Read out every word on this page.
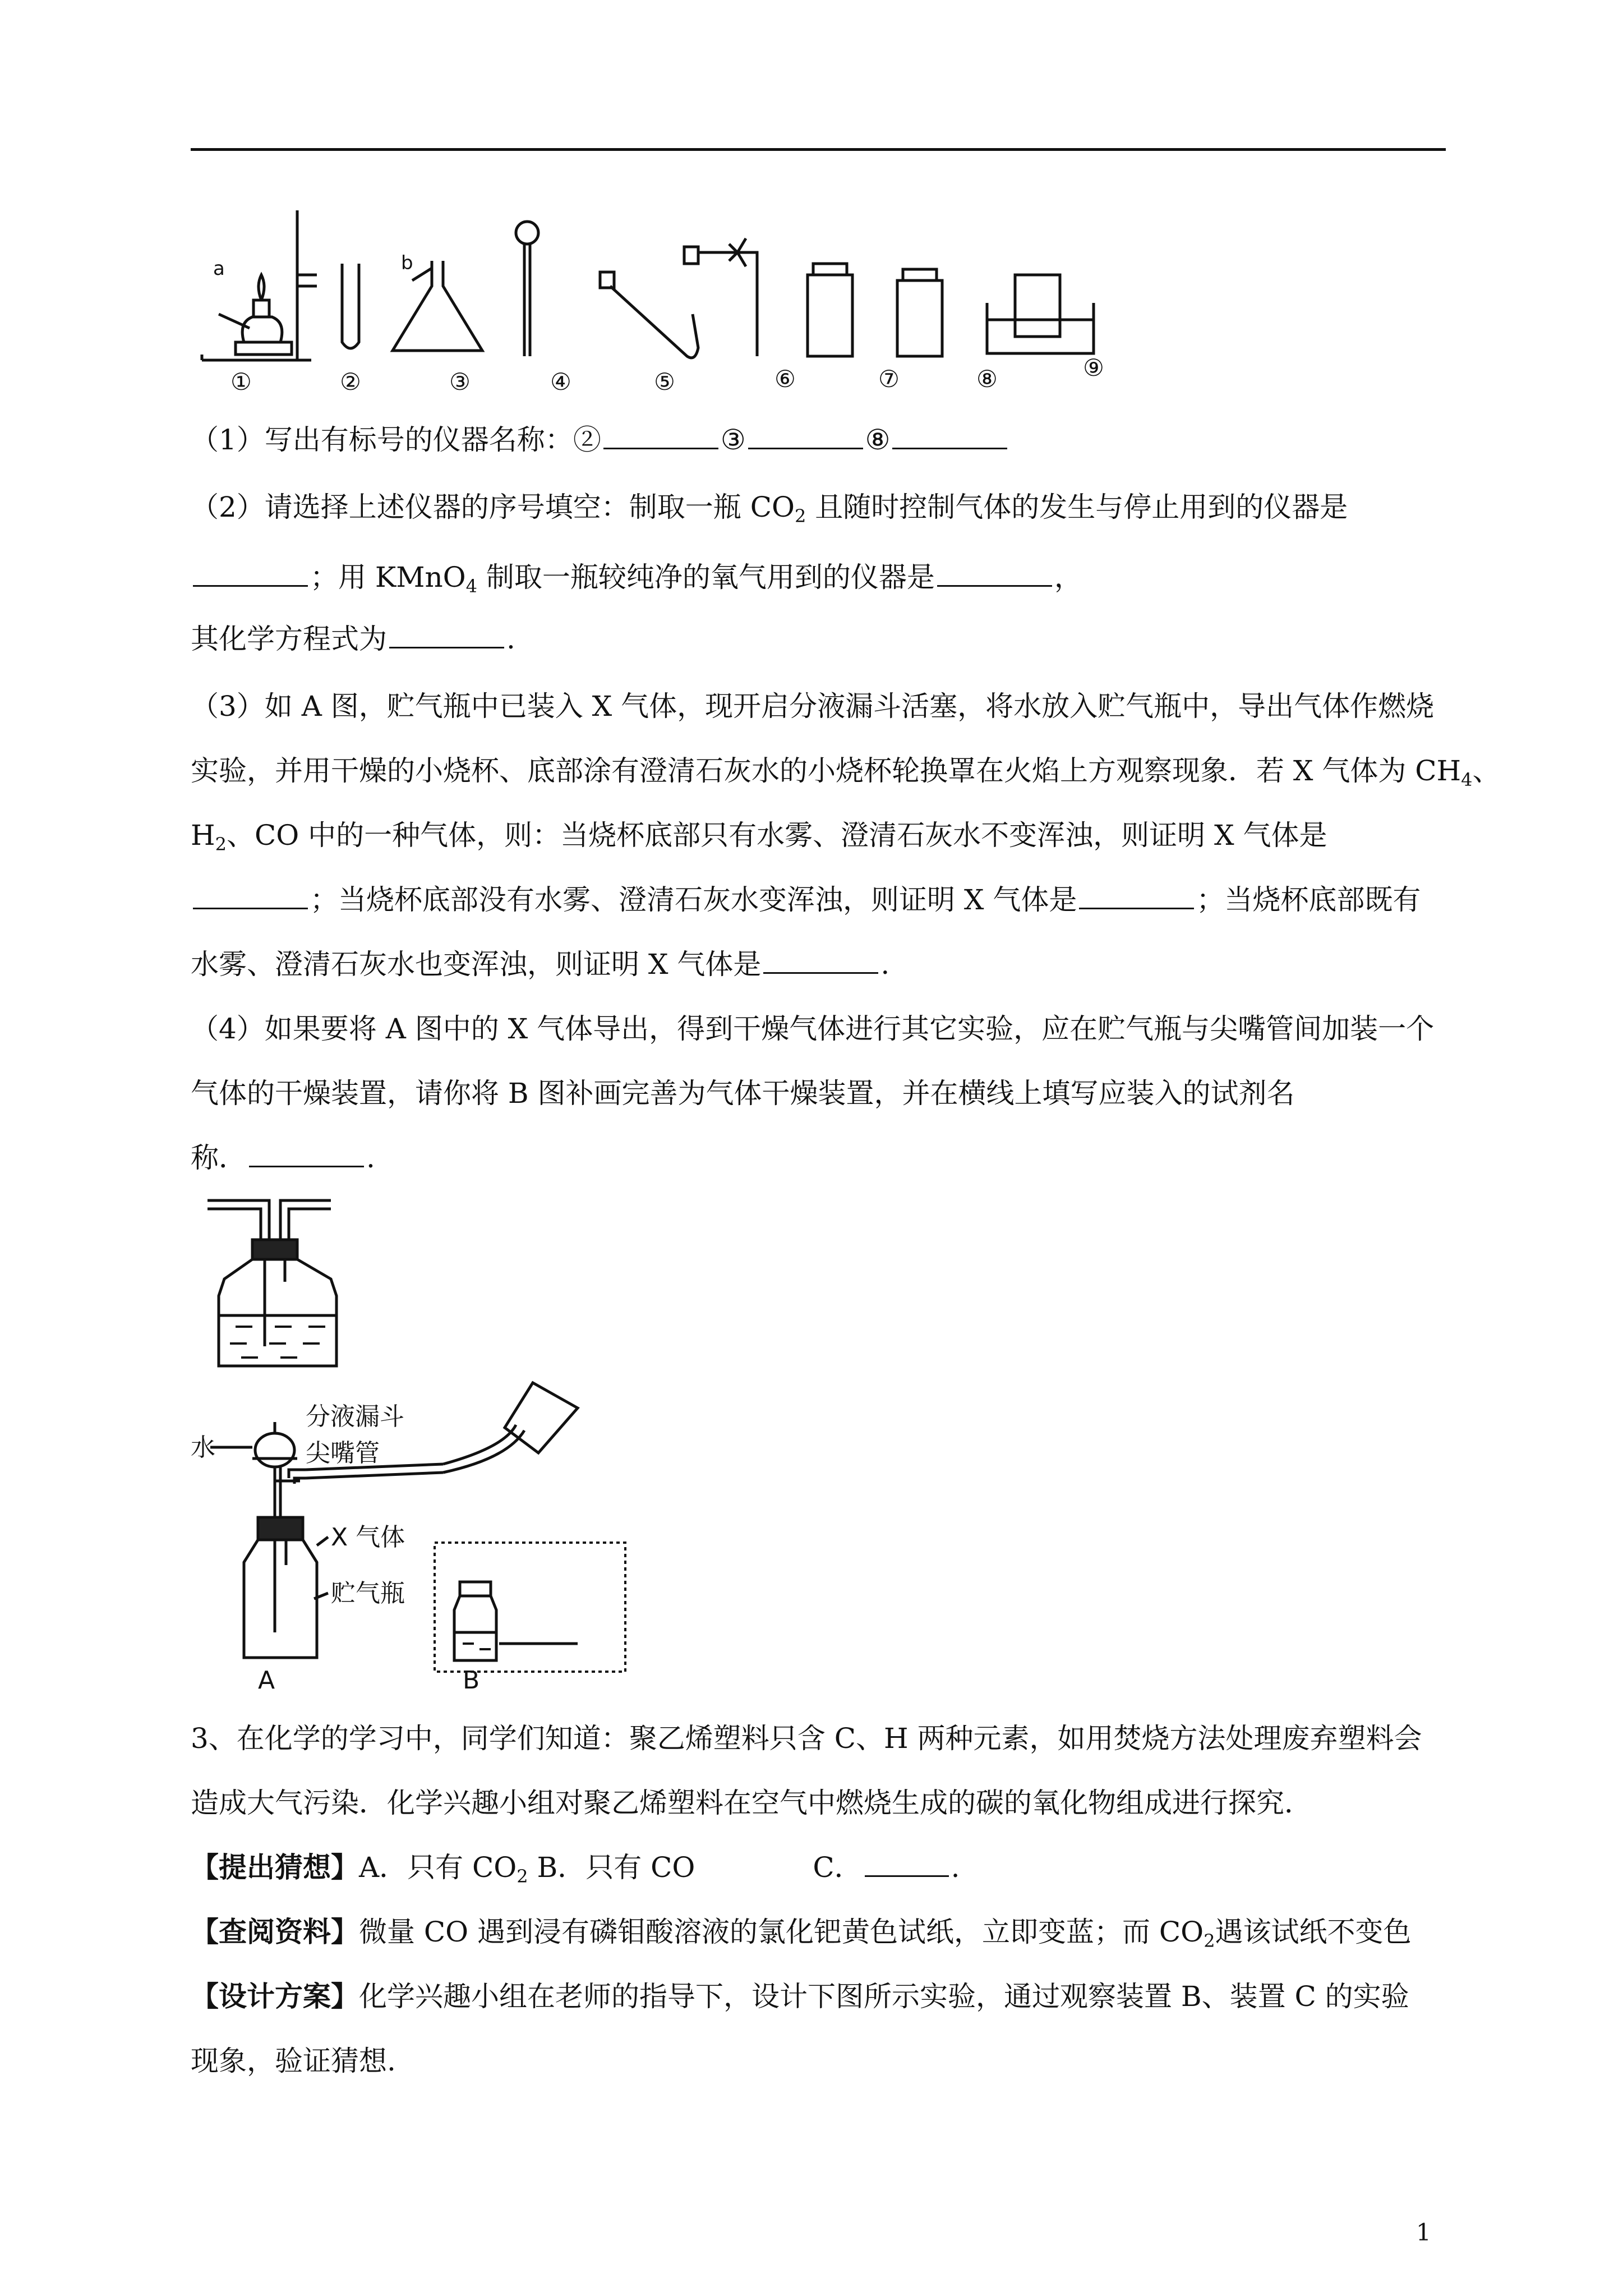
a	b
①	②	③	④	⑤	⑥	⑦	⑧	⑨
（1）写出有标号的仪器名称：②	③	⑧
（2）请选择上述仪器的序号填空：制取一瓶 $CO_2$ 且随时控制气体的发生与停止用到的仪器是
；用 KMnO$_4$ 制取一瓶较纯净的氧气用到的仪器是	，
其化学方程式为	.
（3）如 A 图，贮气瓶中已装入 X 气体，现开启分液漏斗活塞，将水放入贮气瓶中，导出气体作燃烧
实验，并用干燥的小烧杯、底部涂有澄清石灰水的小烧杯轮换罩在火焰上方观察现象．若 X 气体为 $CH_4$、
$H_2$、CO 中的一种气体，则：当烧杯底部只有水雾、澄清石灰水不变浑浊，则证明 X 气体是
；当烧杯底部没有水雾、澄清石灰水变浑浊，则证明 X 气体是	；当烧杯底部既有
水雾、澄清石灰水也变浑浊，则证明 X 气体是	.
（4）如果要将 A 图中的 X 气体导出，得到干燥气体进行其它实验，应在贮气瓶与尖嘴管间加装一个
气体的干燥装置，请你将 B 图补画完善为气体干燥装置，并在横线上填写应装入的试剂名
称．	.
分液漏斗
水	尖嘴管
X 气体
贮气瓶
A	B
3、在化学的学习中，同学们知道：聚乙烯塑料只含 C、H 两种元素，如用焚烧方法处理废弃塑料会
造成大气污染．化学兴趣小组对聚乙烯塑料在空气中燃烧生成的碳的氧化物组成进行探究．
【提出猜想】A．只有 $CO_2$ B．只有 CO	C．	.
【查阅资料】微量 CO 遇到浸有磷钼酸溶液的氯化钯黄色试纸，立即变蓝；而 $CO_2$遇该试纸不变色
【设计方案】化学兴趣小组在老师的指导下，设计下图所示实验，通过观察装置 B、装置 C 的实验
现象，验证猜想.
1
